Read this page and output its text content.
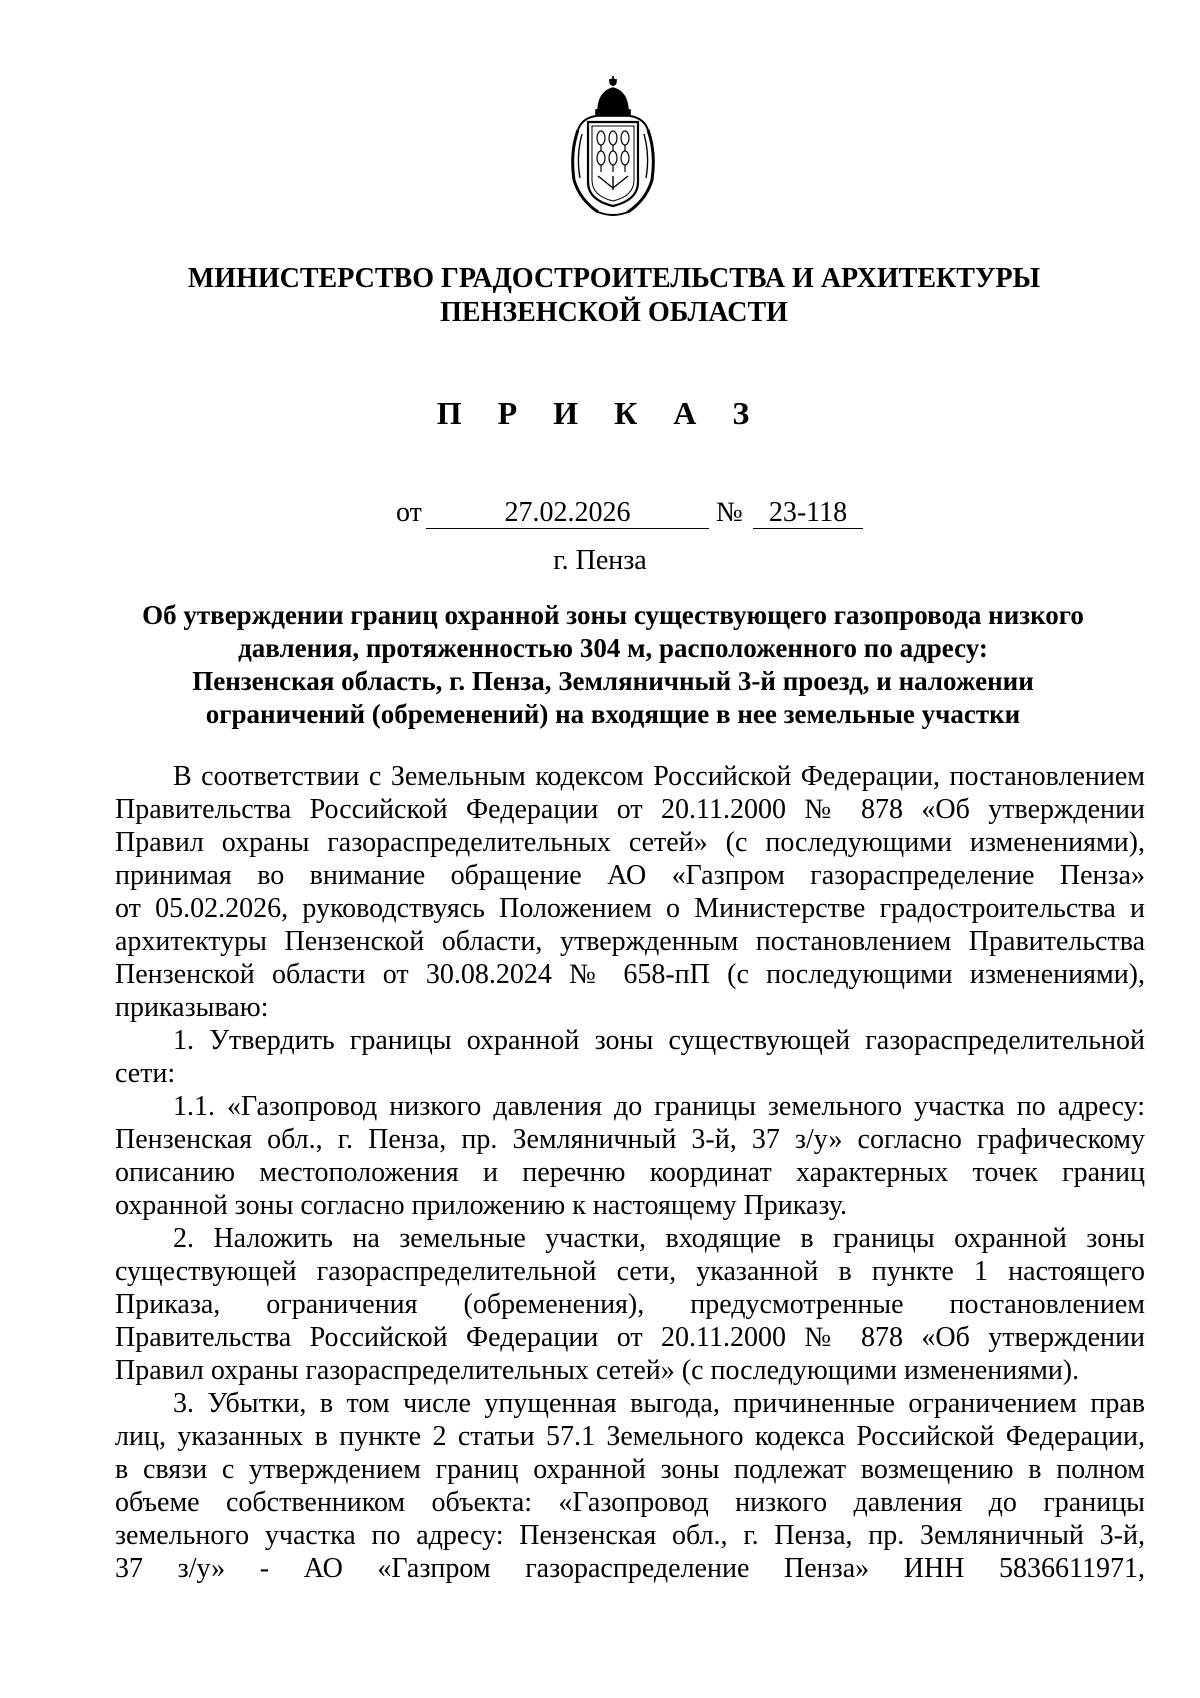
МИНИСТЕРСТВО ГРАДОСТРОИТЕЛЬСТВА И АРХИТЕКТУРЫ
ПЕНЗЕНСКОЙ ОБЛАСТИ
П Р И К А З
от	27.02.2026	№ 23-118
г. Пенза
Об утверждении границ охранной зоны существующего газопровода низкого
давления, протяженностью 304 м, расположенного по адресу:
Пензенская область, г. Пенза, Земляничный 3-й проезд, и наложении
ограничений (обременений) на входящие в нее земельные участки
В соответствии с Земельным кодексом Российской Федерации, постановлением
Правительства Российской Федерации от 20.11.2000 № 878 «Об утверждении
Правил охраны газораспределительных сетей» (с последующими изменениями),
принимая во внимание обращение АО «Газпром газораспределение Пенза»
от 05.02.2026, руководствуясь Положением о Министерстве градостроительства и
архитектуры Пензенской области, утвержденным постановлением Правительства
Пензенской области от 30.08.2024 № 658-пП (с последующими изменениями),
приказываю:
1. Утвердить границы охранной зоны существующей газораспределительной
сети:
1.1. «Газопровод низкого давления до границы земельного участка по адресу:
Пензенская обл., г. Пенза, пр. Земляничный 3-й, 37 з/у» согласно графическому
описанию местоположения и перечню координат характерных точек границ
охранной зоны согласно приложению к настоящему Приказу.
2. Наложить на земельные участки, входящие в границы охранной зоны
существующей газораспределительной сети, указанной в пункте 1 настоящего
Приказа, ограничения (обременения), предусмотренные постановлением
Правительства Российской Федерации от 20.11.2000 № 878 «Об утверждении
Правил охраны газораспределительных сетей» (с последующими изменениями).
3. Убытки, в том числе упущенная выгода, причиненные ограничением прав
лиц, указанных в пункте 2 статьи 57.1 Земельного кодекса Российской Федерации,
в связи с утверждением границ охранной зоны подлежат возмещению в полном
объеме собственником объекта: «Газопровод низкого давления до границы
земельного участка по адресу: Пензенская обл., г. Пенза, пр. Земляничный 3-й,
37 з/у» - АО «Газпром газораспределение Пенза» ИНН 5836611971,
